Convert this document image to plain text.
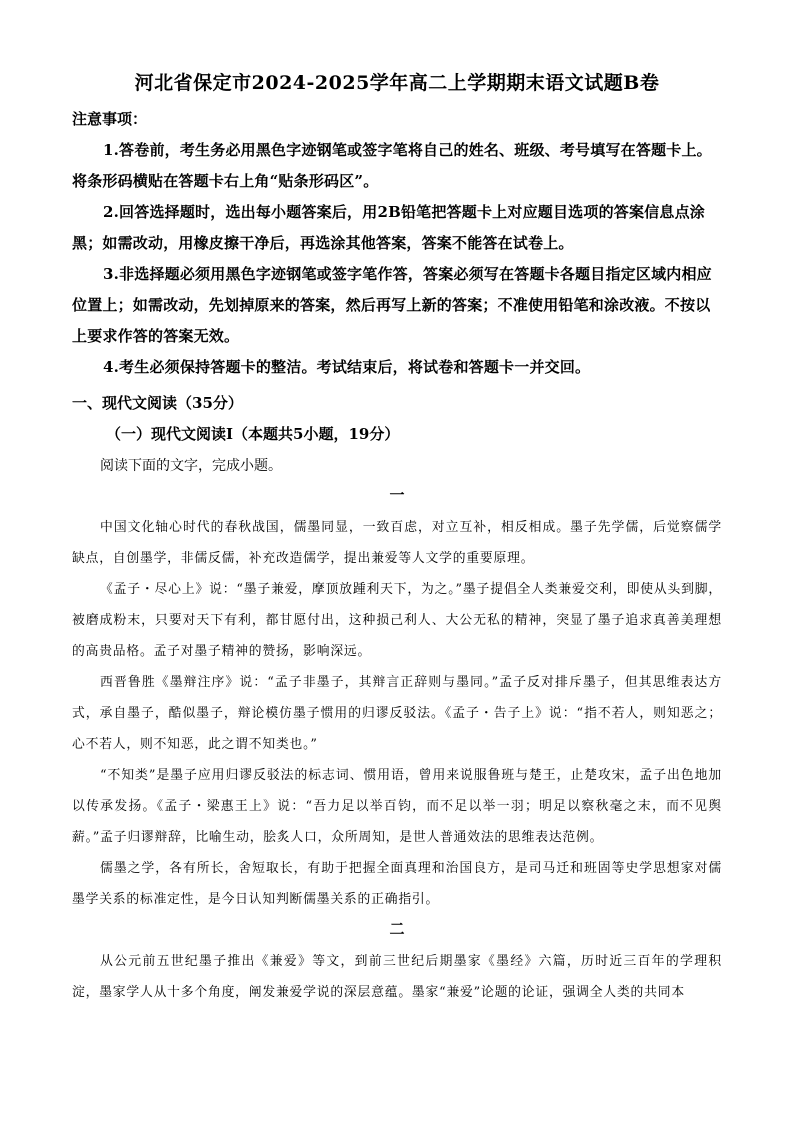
河北省保定市2024-2025学年高二上学期期末语文试题B卷
注意事项：

1.答卷前，考生务必用黑色字迹钢笔或签字笔将自己的姓名、班级、考号填写在答题卡上。将条形码横贴在答题卡右上角“贴条形码区”。

2.回答选择题时，选出每小题答案后，用2B铅笔把答题卡上对应题目选项的答案信息点涂黑；如需改动，用橡皮擦干净后，再选涂其他答案，答案不能答在试卷上。

3.非选择题必须用黑色字迹钢笔或签字笔作答，答案必须写在答题卡各题目指定区域内相应位置上；如需改动，先划掉原来的答案，然后再写上新的答案；不准使用铅笔和涂改液。不按以上要求作答的答案无效。

4.考生必须保持答题卡的整洁。考试结束后，将试卷和答题卡一并交回。

一、现代文阅读（35分）
（一）现代文阅读Ⅰ（本题共5小题，19分）
阅读下面的文字，完成小题。
一

中国文化轴心时代的春秋战国，儒墨同显，一致百虑，对立互补，相反相成。墨子先学儒，后觉察儒学缺点，自创墨学，非儒反儒，补充改造儒学，提出兼爱等人文学的重要原理。

《孟子・尽心上》说：“墨子兼爱，摩顶放踵利天下，为之。”墨子提倡全人类兼爱交利，即使从头到脚，被磨成粉末，只要对天下有利，都甘愿付出，这种损己利人、大公无私的精神，突显了墨子追求真善美理想的高贵品格。孟子对墨子精神的赞扬，影响深远。

西晋鲁胜《墨辩注序》说：“孟子非墨子，其辩言正辞则与墨同。”孟子反对排斥墨子，但其思维表达方式，承自墨子，酷似墨子，辩论模仿墨子惯用的归谬反驳法。《孟子・告子上》说：“指不若人，则知恶之；心不若人，则不知恶，此之谓不知类也。”

“不知类”是墨子应用归谬反驳法的标志词、惯用语，曾用来说服鲁班与楚王，止楚攻宋，孟子出色地加以传承发扬。《孟子・梁惠王上》说：“吾力足以举百钧，而不足以举一羽；明足以察秋毫之末，而不见舆薪。”孟子归谬辩辞，比喻生动，脍炙人口，众所周知，是世人普通效法的思维表达范例。

儒墨之学，各有所长，舍短取长，有助于把握全面真理和治国良方，是司马迁和班固等史学思想家对儒墨学关系的标准定性，是今日认知判断儒墨关系的正确指引。

二

从公元前五世纪墨子推出《兼爱》等文，到前三世纪后期墨家《墨经》六篇，历时近三百年的学理积淀，墨家学人从十多个角度，阐发兼爱学说的深层意蕴。墨家“兼爱”论题的论证，强调全人类的共同本
